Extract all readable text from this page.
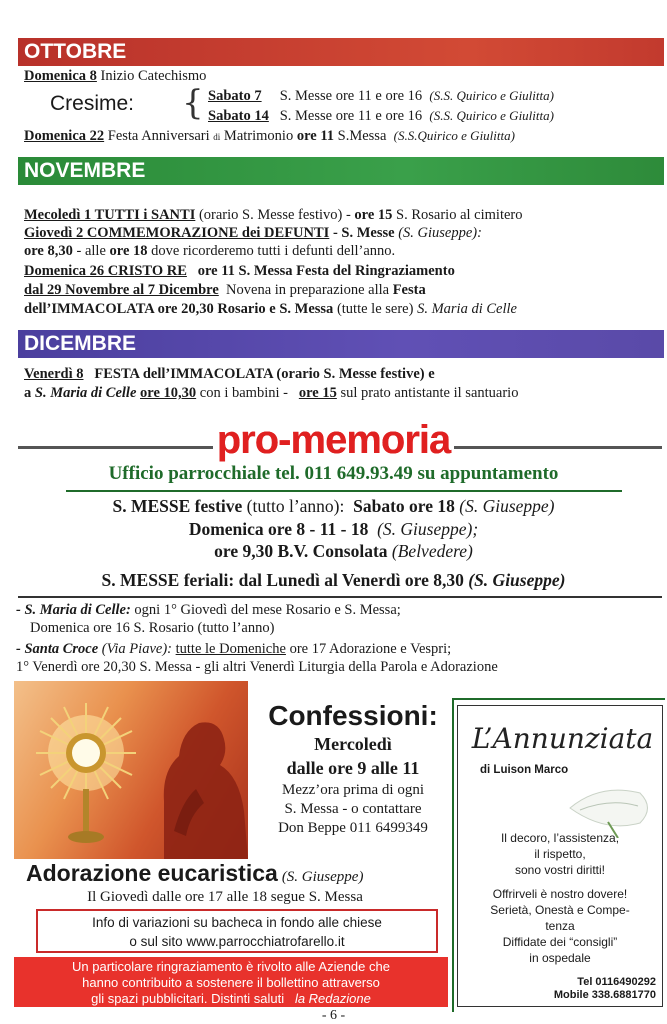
OTTOBRE
Domenica 8 Inizio Catechismo
Cresime: { Sabato 7 S. Messe ore 11 e ore 16 (S.S. Quirico e Giulitta)
Sabato 14 S. Messe ore 11 e ore 16 (S.S. Quirico e Giulitta)
Domenica 22 Festa Anniversari di Matrimonio ore 11 S.Messa (S.S.Quirico e Giulitta)
NOVEMBRE
Mecoledì 1 TUTTI i SANTI (orario S. Messe festivo) - ore 15 S. Rosario al cimitero
Giovedì 2 COMMEMORAZIONE dei DEFUNTI - S. Messe (S. Giuseppe):
ore 8,30 - alle ore 18 dove ricorderemo tutti i defunti dell’anno.
Domenica 26 CRISTO RE ore 11 S. Messa Festa del Ringraziamento
dal 29 Novembre al 7 Dicembre Novena in preparazione alla Festa
dell’IMMACOLATA ore 20,30 Rosario e S. Messa (tutte le sere) S. Maria di Celle
DICEMBRE
Venerdì 8 FESTA dell’IMMACOLATA (orario S. Messe festive) e
a S. Maria di Celle ore 10,30 con i bambini - ore 15 sul prato antistante il santuario
pro-memoria
Ufficio parrocchiale tel. 011 649.93.49 su appuntamento
S. MESSE festive (tutto l’anno): Sabato ore 18 (S. Giuseppe)
Domenica ore 8 - 11 - 18 (S. Giuseppe);
ore 9,30 B.V. Consolata (Belvedere)
S. MESSE feriali: dal Lunedì al Venerdì ore 8,30 (S. Giuseppe)
- S. Maria di Celle: ogni 1° Giovedì del mese Rosario e S. Messa;
Domenica ore 16 S. Rosario (tutto l’anno)
- Santa Croce (Via Piave): tutte le Domeniche ore 17 Adorazione e Vespri;
1° Venerdì ore 20,30 S. Messa - gli altri Venerdì Liturgia della Parola e Adorazione
Confessioni:
Mercoledì
dalle ore 9 alle 11
Mezz’ora prima di ogni
S. Messa - o contattare
Don Beppe 011 6499349
Adorazione eucaristica (S. Giuseppe)
Il Giovedì dalle ore 17 alle 18 segue S. Messa
Info di variazioni su bacheca in fondo alle chiese
o sul sito www.parrocchiatrofarello.it
Un particolare ringraziamento è rivolto alle Aziende che
hanno contribuito a sostenere il bollettino attraverso
gli spazi pubblicitari. Distinti saluti la Redazione
L’Annunziata
di Luison Marco
Il decoro, l’assistenza,
il rispetto,
sono vostri diritti!
Offrirveli è nostro dovere!
Serietà, Onestà e Compe-
tenza
Diffidate dei “consigli”
in ospedale
Tel 0116490292
Mobile 338.6881770
- 6 -
